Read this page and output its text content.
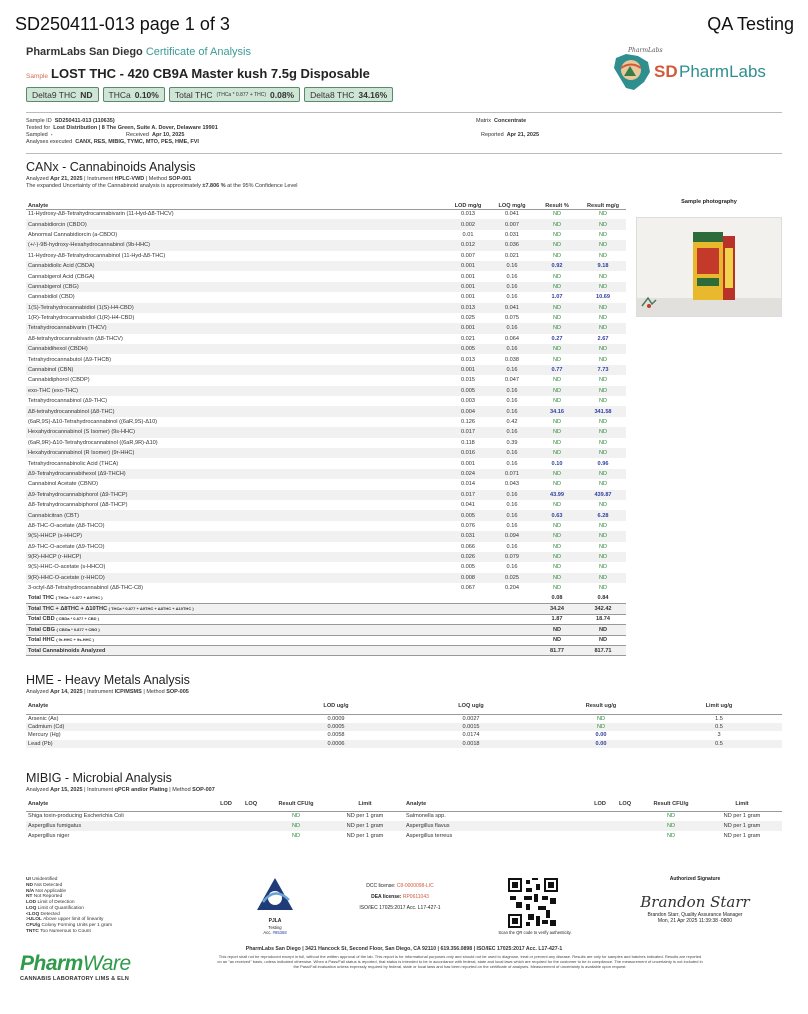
SD250411-013 page 1 of 3	QA Testing
PharmLabs San Diego Certificate of Analysis
Sample LOST THC - 420 CB9A Master kush 7.5g Disposable
Delta9 THC ND THCa 0.10% Total THC (THCa * 0.877 + THC) 0.08% Delta8 THC 34.16%
PharmLabs
SD PharmLabs
Sample ID SD250411-013 (110635)	Matrix Concentrate
Tested for Lost Distribution | 8 The Green, Suite A. Dover, Delaware 19901
Sampled -	Received Apr 10, 2025	Reported Apr 21, 2025
Analyses executed CANX, RES, MIBIG, TYMC, MTO, PES, HME, FVI
CANx - Cannabinoids Analysis
Analyzed Apr 21, 2025 | Instrument HPLC-VWD | Method SOP-001
The expanded Uncertainty of the Cannabinoid analysis is approximately ±7.806 % at the 95% Confidence Level
Analyte	LOD mg/g	LOQ mg/g	Result %	Result mg/g
11-Hydroxy-Δ8-Tetrahydrocannabivarin (11-Hyd-Δ8-THCV)	0.013	0.041	ND	ND
Cannabidiorcin (CBDO)	0.002	0.007	ND	ND
Abnormal Cannabidiorcin (a-CBDO)	0.01	0.031	ND	ND
(+/-)-9B-hydroxy-Hexahydrocannabinol (9b-HHC)	0.012	0.036	ND	ND
11-Hydroxy-Δ8-Tetrahydrocannabinol (11-Hyd-Δ8-THC)	0.007	0.021	ND	ND
Cannabidiolic Acid (CBDA)	0.001	0.16	0.92	9.18
Cannabigerol Acid (CBGA)	0.001	0.16	ND	ND
Cannabigerol (CBG)	0.001	0.16	ND	ND
Cannabidiol (CBD)	0.001	0.16	1.07	10.69
1(S)-Tetrahydrocannabidiol (1(S)-H4-CBD)	0.013	0.041	ND	ND
1(R)-Tetrahydrocannabidiol (1(R)-H4-CBD)	0.025	0.075	ND	ND
Tetrahydrocannabivarin (THCV)	0.001	0.16	ND	ND
Δ8-tetrahydrocannabivarin (Δ8-THCV)	0.021	0.064	0.27	2.67
Cannabidihexol (CBDH)	0.005	0.16	ND	ND
Tetrahydrocannabutol (Δ9-THCB)	0.013	0.038	ND	ND
Cannabinol (CBN)	0.001	0.16	0.77	7.73
Cannabidiphorol (CBDP)	0.015	0.047	ND	ND
exo-THC (exo-THC)	0.005	0.16	ND	ND
Tetrahydrocannabinol (Δ9-THC)	0.003	0.16	ND	ND
Δ8-tetrahydrocannabinol (Δ8-THC)	0.004	0.16	34.16	341.58
(6aR,9S)-Δ10-Tetrahydrocannabinol ((6aR,9S)-Δ10)	0.126	0.42	ND	ND
Hexahydrocannabinol (S Isomer) (9s-HHC)	0.017	0.16	ND	ND
(6aR,9R)-Δ10-Tetrahydrocannabinol ((6aR,9R)-Δ10)	0.118	0.39	ND	ND
Hexahydrocannabinol (R Isomer) (9r-HHC)	0.016	0.16	ND	ND
Tetrahydrocannabinolic Acid (THCA)	0.001	0.16	0.10	0.96
Δ9-Tetrahydrocannabihexol (Δ9-THCH)	0.024	0.071	ND	ND
Cannabinol Acetate (CBNO)	0.014	0.043	ND	ND
Δ9-Tetrahydrocannabiphorol (Δ9-THCP)	0.017	0.16	43.99	439.87
Δ8-Tetrahydrocannabiphorol (Δ8-THCP)	0.041	0.16	ND	ND
Cannabicitran (CBT)	0.005	0.16	0.63	6.28
Δ8-THC-O-acetate (Δ8-THCO)	0.076	0.16	ND	ND
9(S)-HHCP (s-HHCP)	0.031	0.094	ND	ND
Δ9-THC-O-acetate (Δ9-THCO)	0.066	0.16	ND	ND
9(R)-HHCP (r-HHCP)	0.026	0.079	ND	ND
9(S)-HHC-O-acetate (s-HHCO)	0.005	0.16	ND	ND
9(R)-HHC-O-acetate (r-HHCO)	0.008	0.025	ND	ND
3-octyl-Δ8-Tetrahydrocannabinol (Δ8-THC-C8)	0.067	0.204	ND	ND
Total THC ( THCa * 0.877 + Δ9THC )			0.08	0.84
Total THC + Δ8THC + Δ10THC ( THCa * 0.877 + Δ9THC + Δ8THC + Δ10THC )			34.24	342.42
Total CBD ( CBDa * 0.877 + CBD )			1.87	18.74
Total CBG ( CBGa * 0.877 + CBG )			ND	ND
Total HHC ( 9r-HHC + 9s-HHC )			ND	ND
Total Cannabinoids Analyzed			81.77	817.71
Sample photography
HME - Heavy Metals Analysis
Analyzed Apr 14, 2025 | Instrument ICP/MSMS | Method SOP-005
Analyte	LOD ug/g	LOQ ug/g	Result ug/g	Limit ug/g
Arsenic (As)	0.0009	0.0027	ND	1.5
Cadmium (Cd)	0.0005	0.0015	ND	0.5
Mercury (Hg)	0.0058	0.0174	0.00	3
Lead (Pb)	0.0006	0.0018	0.00	0.5
MIBIG - Microbial Analysis
Analyzed Apr 15, 2025 | Instrument qPCR and/or Plating | Method SOP-007
Analyte	LOD	LOQ	Result CFU/g	Limit	Analyte	LOD	LOQ	Result CFU/g	Limit
Shiga toxin-producing Escherichia Coli			ND	ND per 1 gram	Salmonella spp.			ND	ND per 1 gram
Aspergillus fumigatus			ND	ND per 1 gram	Aspergillus flavus			ND	ND per 1 gram
Aspergillus niger			ND	ND per 1 gram	Aspergillus terreus			ND	ND per 1 gram
UI Unidentified
ND Not Detected
N/A Not Applicable
NT Not Reported
LOD Limit of Detection
LOQ Limit of Quantification
<LOQ Detected
>ULOL Above upper limit of linearity
CFU/g Colony Forming Units per 1 gram
TNTC Too Numerous to Count
PJLA
Testing
Acc. #85368
DCC license: C8-0000098-LIC
DEA license: RP0611043
ISO/IEC 17025:2017 Acc. L17-427-1
Scan the QR code to verify authenticity.
Authorized Signature
Brandon Starr
Brandon Starr, Quality Assurance Manager
Mon, 21 Apr 2025 11:39:38 -0800
PharmLabs San Diego | 3421 Hancock St, Second Floor, San Diego, CA 92110 | 619.356.0898 | ISO/IEC 17025:2017 Acc. L17-427-1
This report shall not be reproduced except in full, without the written approval of the lab. This report is for informational purposes only and should not be used to diagnose, treat or prevent any disease. Results are only for samples and batches indicated. Results are reported
on an "as received" basis, unless indicated otherwise. When a Pass/Fail status is reported, that status is intended to be in accordance with federal, state and local laws which are required for the customer to be in compliance. The measurement of uncertainty is not included in
the Pass/Fail evaluation unless expressly required by federal, state or local laws and has been reported on the certificate of analyses. Measurement of uncertainty is available upon request.
PharmWare
CANNABIS LABORATORY LIMS & ELN
